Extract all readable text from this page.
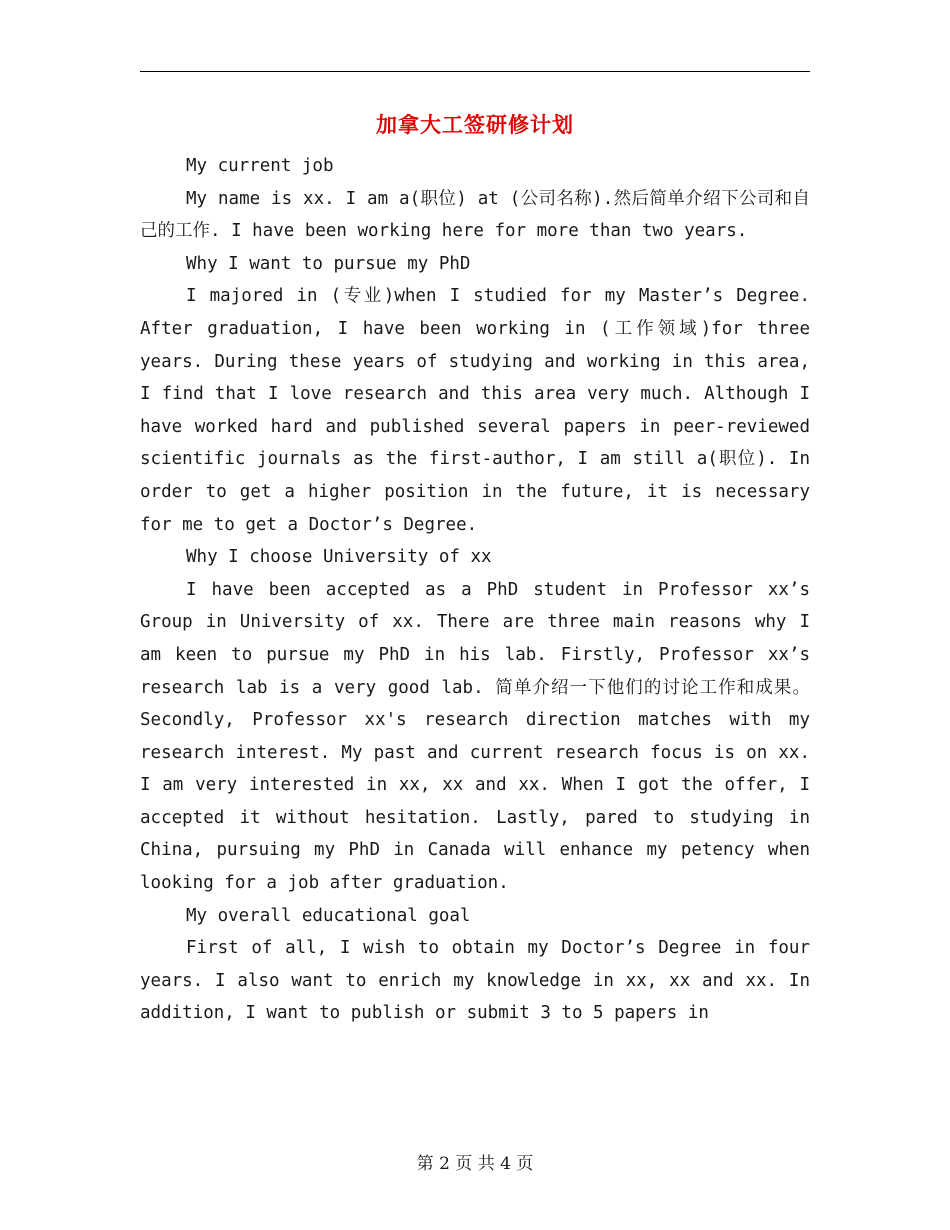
加拿大工签研修计划

My current job

My name is xx. I am a(职位) at (公司名称).然后简单介绍下公司和自己的工作. I have been working here for more than two years.

Why I want to pursue my PhD

I majored in (专业)when I studied for my Master’s Degree. After graduation, I have been working in (工作领域)for three years. During these years of studying and working in this area, I find that I love research and this area very much. Although I have worked hard and published several papers in peer-reviewed scientific journals as the first-author, I am still a(职位). In order to get a higher position in the future, it is necessary for me to get a Doctor’s Degree.

Why I choose University of xx

I have been accepted as a PhD student in Professor xx’s Group in University of xx. There are three main reasons why I am keen to pursue my PhD in his lab. Firstly, Professor xx’s research lab is a very good lab. 简单介绍一下他们的讨论工作和成果。 Secondly, Professor xx's research direction matches with my research interest. My past and current research focus is on xx. I am very interested in xx, xx and xx. When I got the offer, I accepted it without hesitation. Lastly, pared to studying in China, pursuing my PhD in Canada will enhance my petency when looking for a job after graduation.

My overall educational goal

First of all, I wish to obtain my Doctor’s Degree in four years. I also want to enrich my knowledge in xx, xx and xx. In addition, I want to publish or submit 3 to 5 papers in

第 2 页 共 4 页
